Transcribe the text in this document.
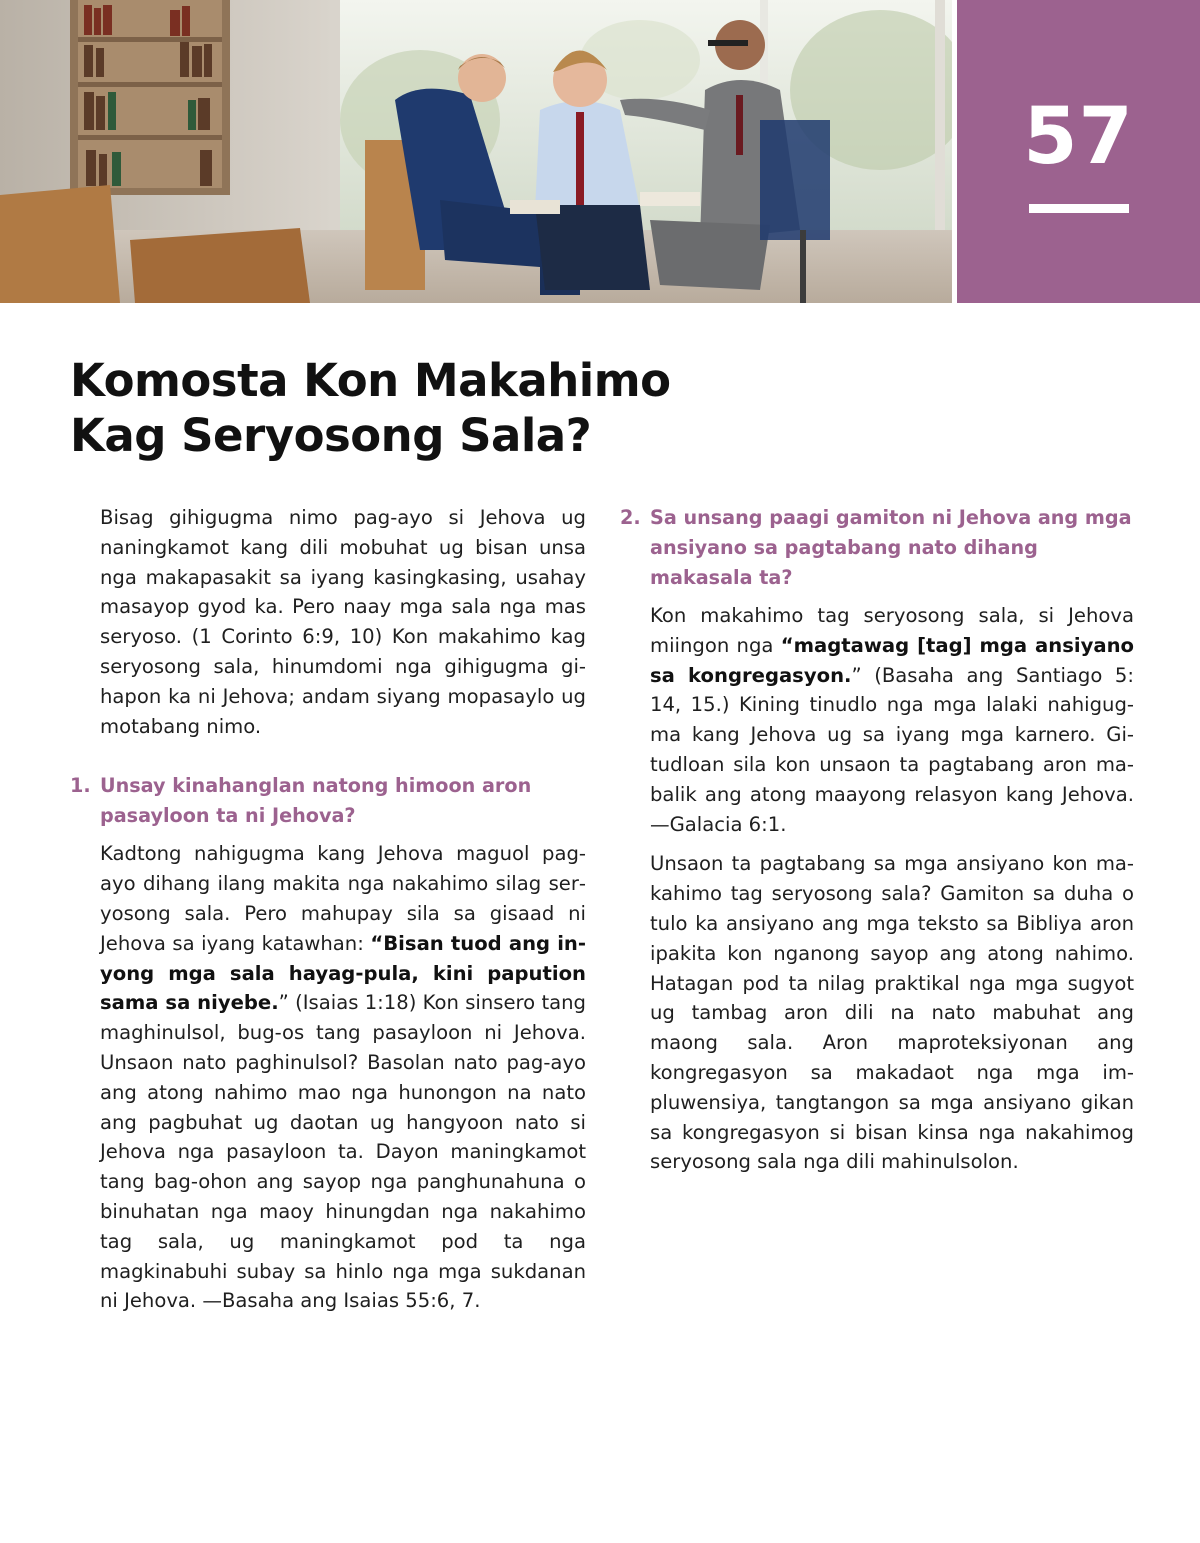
57
Komosta Kon Makahimo
Kag Seryosong Sala?

Bisag gihigugma nimo pag-ayo si Jehova ug naningkamot kang dili mobuhat ug bisan unsa nga makapasakit sa iyang kasingkasing, usahay masayop gyod ka. Pero naay mga sala nga mas seryoso. (1 Corinto 6:9, 10) Kon makahimo kag seryosong sala, hinumdomi nga gihigugma gihapon ka ni Jehova; andam siyang mopasaylo ug motabang nimo.

1. Unsay kinahanglan natong himoon aron pasayloon ta ni Jehova?

Kadtong nahigugma kang Jehova maguol pag-ayo dihang ilang makita nga nakahimo silag seryosong sala. Pero mahupay sila sa gisaad ni Jehova sa iyang katawhan: “Bisan tuod ang inyong mga sala hayag-pula, kini papution sama sa niyebe.” (Isaias 1:18) Kon sinsero tang maghinulsol, bug-os tang pasayloon ni Jehova. Unsaon nato paghinulsol? Basolan nato pag-ayo ang atong nahimo mao nga hunongon na nato ang pagbuhat ug daotan ug hangyoon nato si Jehova nga pasayloon ta. Dayon maningkamot tang bag-ohon ang sayop nga panghunahuna o binuhatan nga maoy hinungdan nga nakahimo tag sala, ug maningkamot pod ta nga magkinabuhi subay sa hinlo nga mga sukdanan ni Jehova. —Basaha ang Isaias 55:6, 7.

2. Sa unsang paagi gamiton ni Jehova ang mga ansiyano sa pagtabang nato dihang makasala ta?

Kon makahimo tag seryosong sala, si Jehova miingon nga “magtawag [tag] mga ansiyano sa kongregasyon.” (Basaha ang Santiago 5: 14, 15.) Kining tinudlo nga mga lalaki nahigugma kang Jehova ug sa iyang mga karnero. Gitudloan sila kon unsaon ta pagtabang aron mabalik ang atong maayong relasyon kang Jehova. —Galacia 6:1.

Unsaon ta pagtabang sa mga ansiyano kon makahimo tag seryosong sala? Gamiton sa duha o tulo ka ansiyano ang mga teksto sa Bibliya aron ipakita kon nganong sayop ang atong nahimo. Hatagan pod ta nilag praktikal nga mga sugyot ug tambag aron dili na nato mabuhat ang maong sala. Aron maproteksiyonan ang kongregasyon sa makadaot nga mga impluwensiya, tangtangon sa mga ansiyano gikan sa kongregasyon si bisan kinsa nga nakahimog seryosong sala nga dili mahinulsolon.
